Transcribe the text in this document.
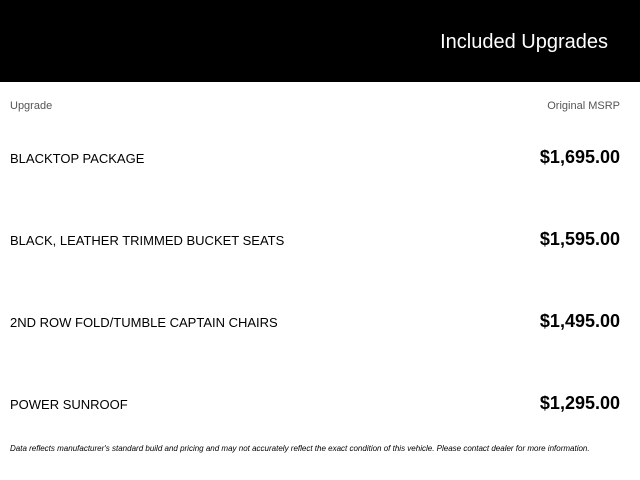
Included Upgrades
Upgrade	Original MSRP
BLACKTOP PACKAGE	$1,695.00
BLACK, LEATHER TRIMMED BUCKET SEATS	$1,595.00
2ND ROW FOLD/TUMBLE CAPTAIN CHAIRS	$1,495.00
POWER SUNROOF	$1,295.00
Data reflects manufacturer's standard build and pricing and may not accurately reflect the exact condition of this vehicle. Please contact dealer for more information.
